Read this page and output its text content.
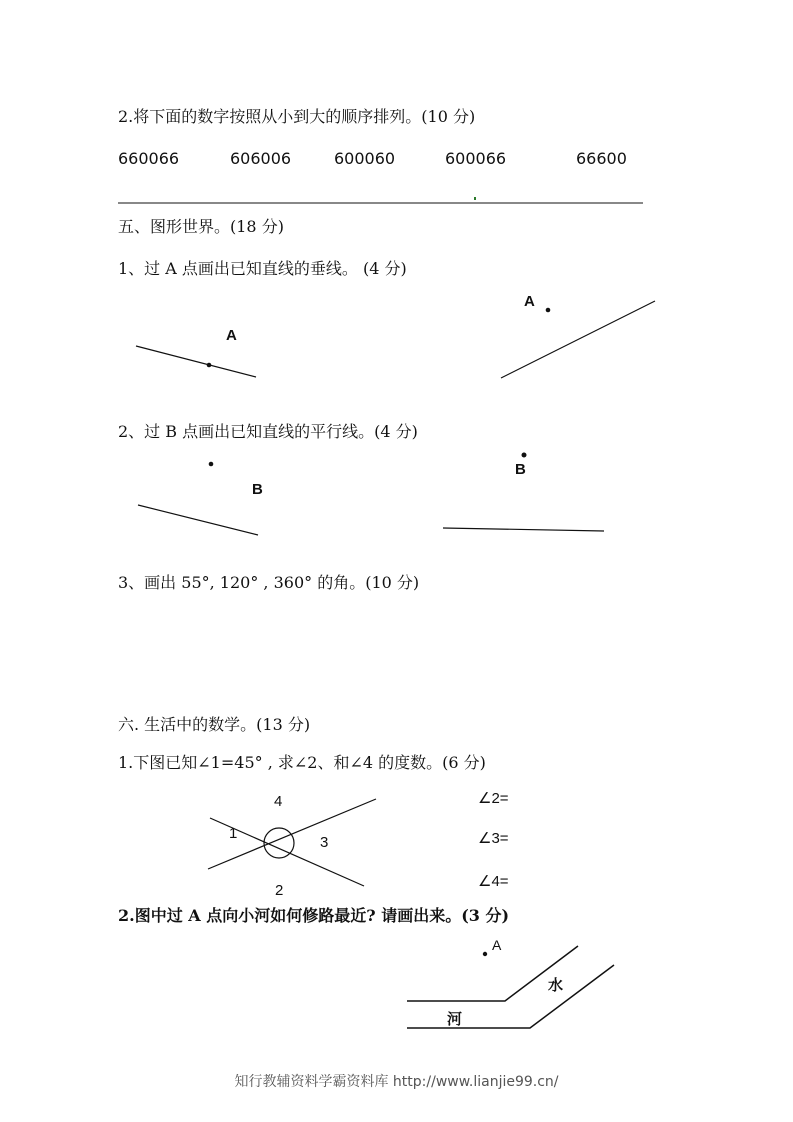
2.将下面的数字按照从小到大的顺序排列。(10 分)
660066	606006	600060	600066	66600
五、图形世界。(18 分)
1、过 A 点画出已知直线的垂线。 (4 分)
A
A
2、过 B 点画出已知直线的平行线。(4 分)
B
B
3、画出 55°, 120° , 360° 的角。(10 分)
六. 生活中的数学。(13 分)
1.下图已知∠1=45° , 求∠2、和∠4 的度数。(6 分)
4
1
3
2
∠2=
∠3=
∠4=
2.图中过 A 点向小河如何修路最近? 请画出来。(3 分)
A
水
河
知行教辅资料学霸资料库 http://www.lianjie99.cn/
